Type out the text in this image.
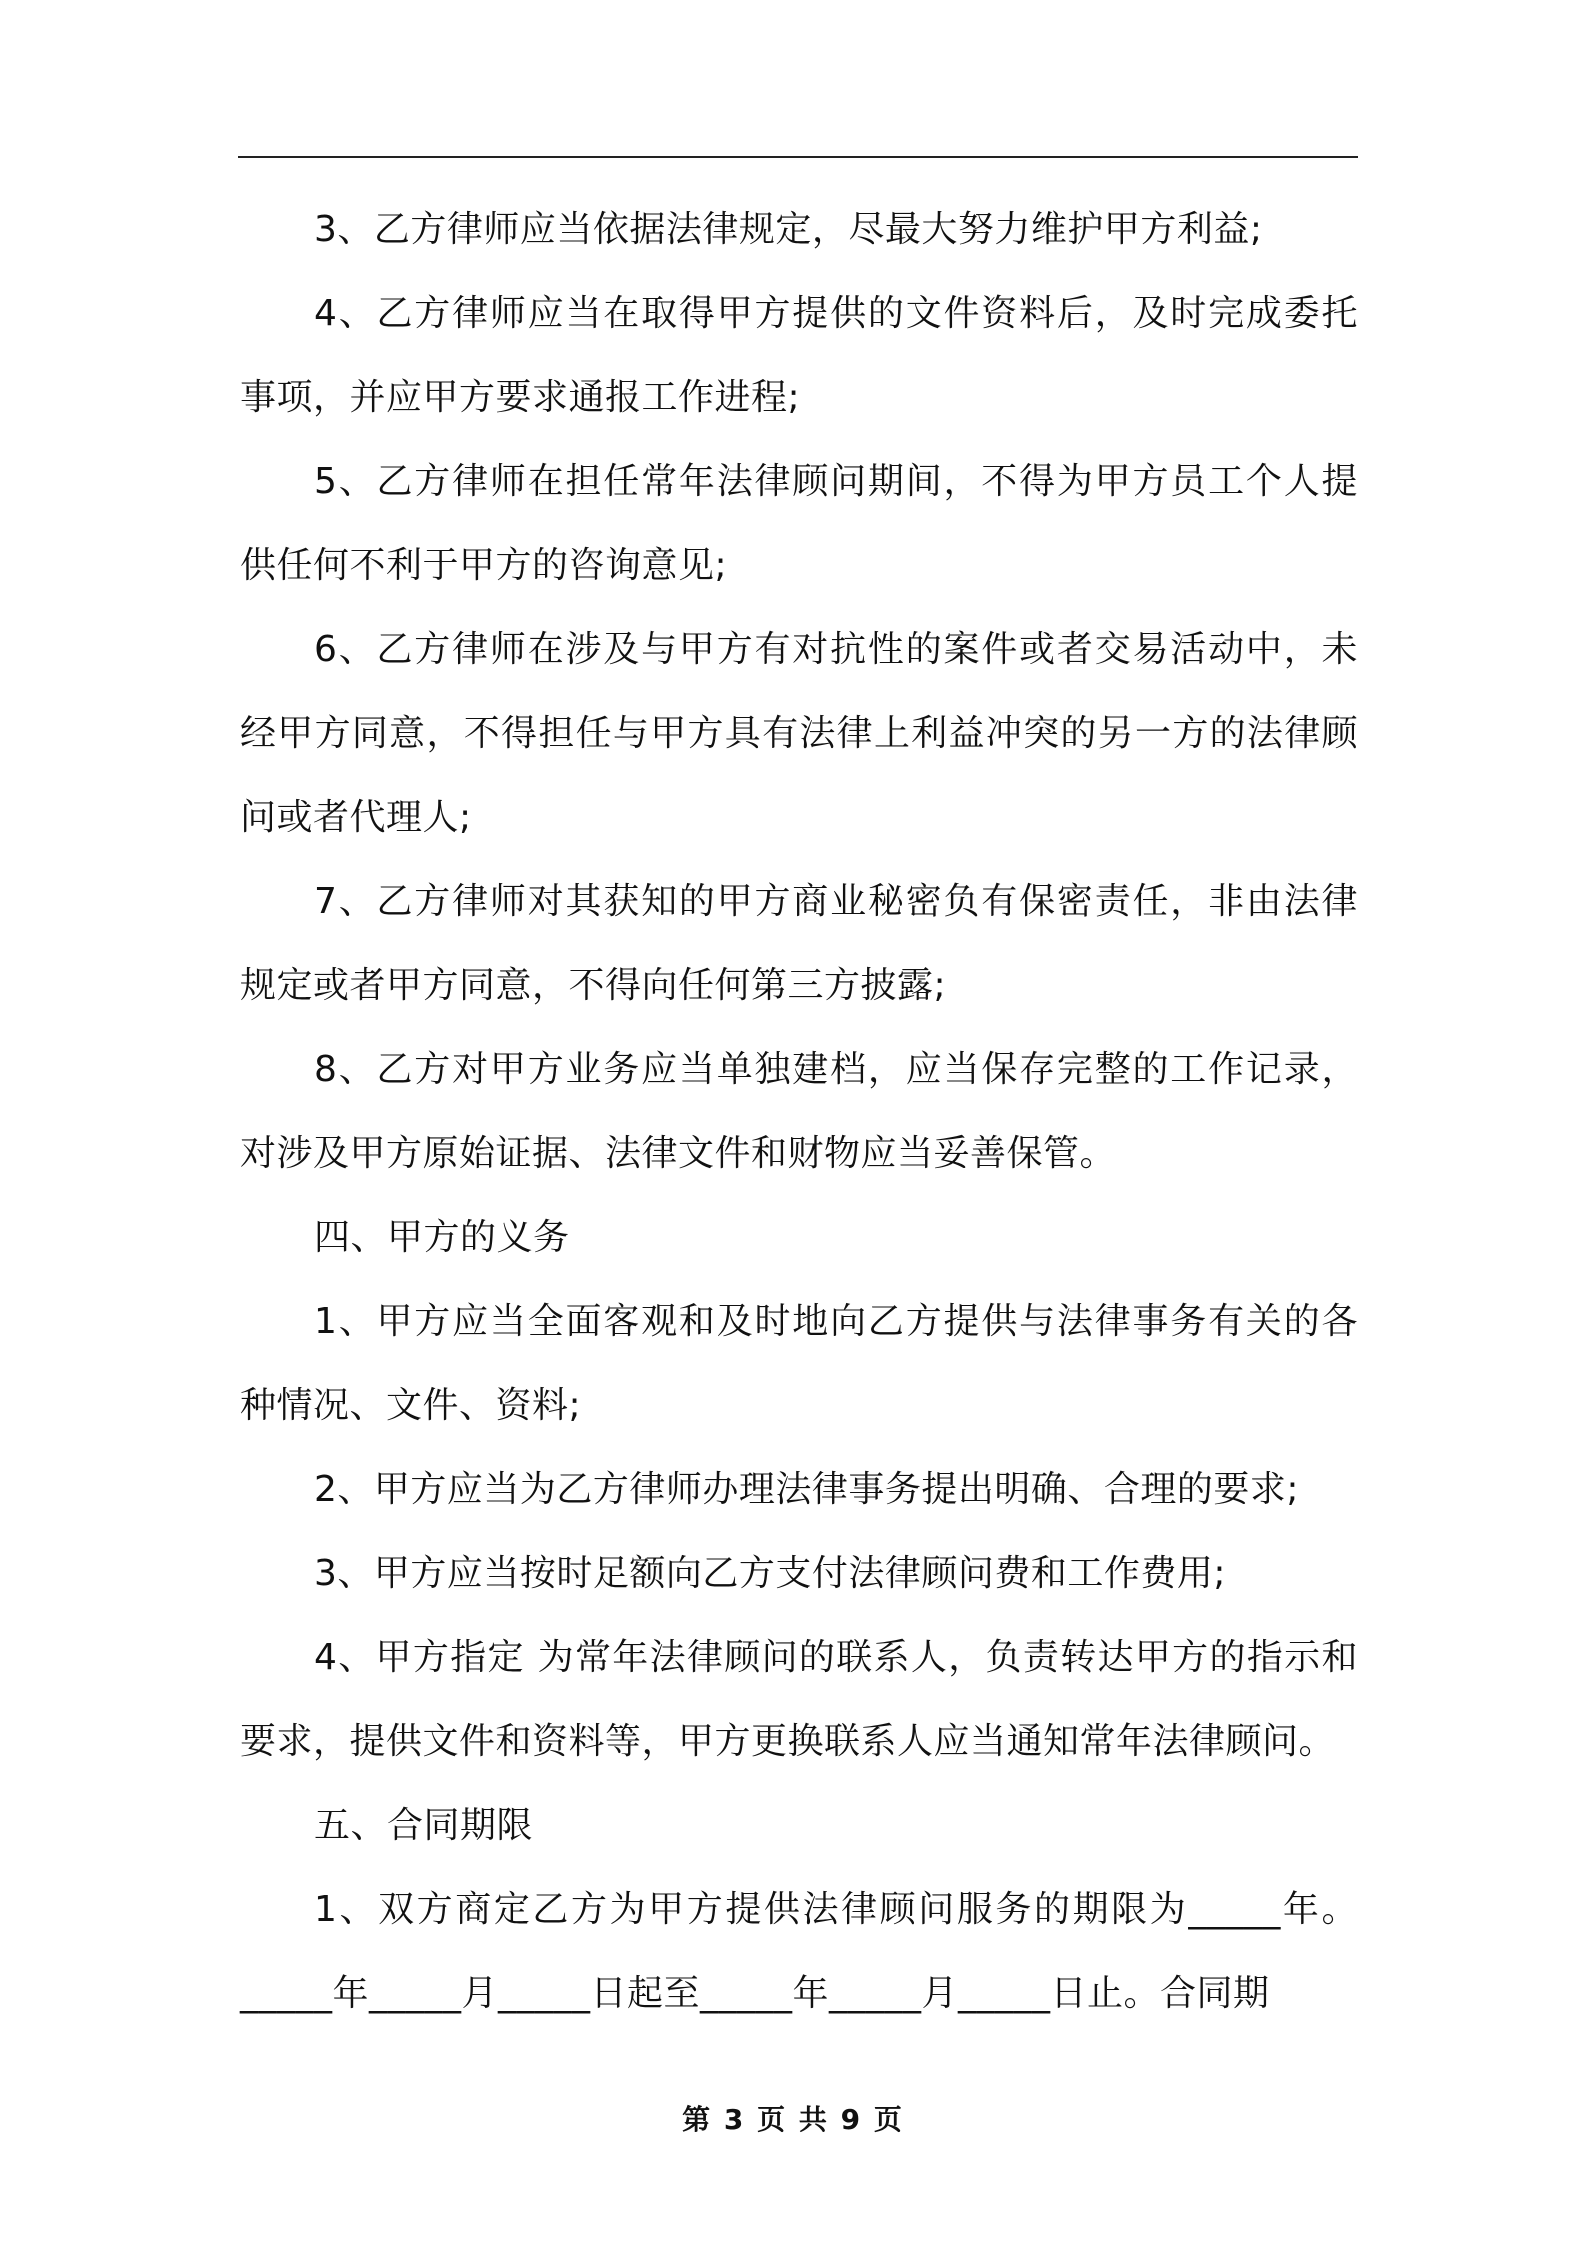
3、乙方律师应当依据法律规定，尽最大努力维护甲方利益;

4、乙方律师应当在取得甲方提供的文件资料后，及时完成委托事项，并应甲方要求通报工作进程;

5、乙方律师在担任常年法律顾问期间，不得为甲方员工个人提供任何不利于甲方的咨询意见;

6、乙方律师在涉及与甲方有对抗性的案件或者交易活动中，未经甲方同意，不得担任与甲方具有法律上利益冲突的另一方的法律顾问或者代理人;

7、乙方律师对其获知的甲方商业秘密负有保密责任，非由法律规定或者甲方同意，不得向任何第三方披露;

8、乙方对甲方业务应当单独建档，应当保存完整的工作记录，对涉及甲方原始证据、法律文件和财物应当妥善保管。

四、甲方的义务

1、甲方应当全面客观和及时地向乙方提供与法律事务有关的各种情况、文件、资料;

2、甲方应当为乙方律师办理法律事务提出明确、合理的要求;

3、甲方应当按时足额向乙方支付法律顾问费和工作费用;

4、甲方指定 为常年法律顾问的联系人，负责转达甲方的指示和要求，提供文件和资料等，甲方更换联系人应当通知常年法律顾问。

五、合同期限

1、双方商定乙方为甲方提供法律顾问服务的期限为_____年。_____年_____月_____日起至_____年_____月_____日止。合同期

第 3 页 共 9 页
